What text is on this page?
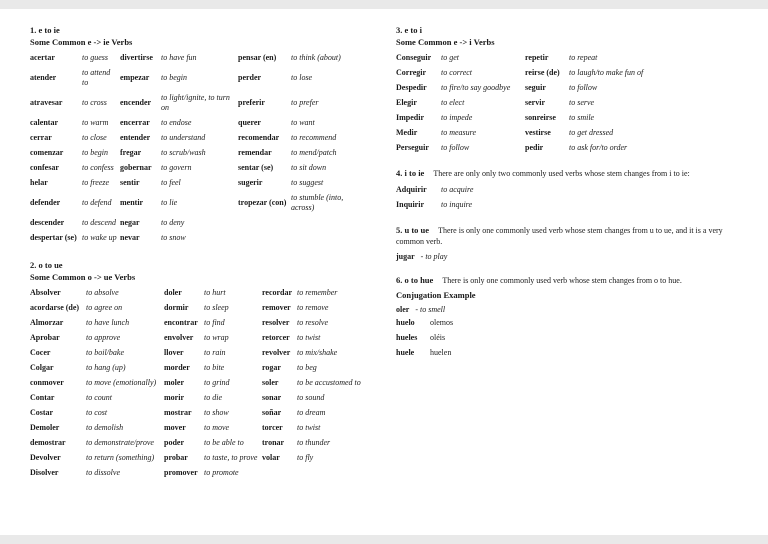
1. e to ie
Some Common e -> ie Verbs
acertar	to guess	divertirse	to have fun	pensar (en)	to think (about)
atender	to attend to	empezar	to begin	perder	to lose
atravesar	to cross	encender	to light/ignite, to turn on	preferir	to prefer
calentar	to warm	encerrar	to endose	querer	to want
cerrar	to close	entender	to understand	recomendar	to recommend
comenzar	to begin	fregar	to scrub/wash	remendar	to mend/patch
confesar	to confess	gobernar	to govern	sentar (se)	to sit down
helar	to freeze	sentir	to feel	sugerir	to suggest
defender	to defend	mentir	to lie	tropezar (con)	to stumble (into, across)
descender	to descend	negar	to deny		
despertar (se)	to wake up	nevar	to snow		
2. o to ue
Some Common o -> ue Verbs
Absolver	to absolve	doler	to hurt	recordar	to remember
acordarse (de)	to agree on	dormir	to sleep	remover	to remove
Almorzar	to have lunch	encontrar	to find	resolver	to resolve
Aprobar	to approve	envolver	to wrap	retorcer	to twist
Cocer	to boil/bake	llover	to rain	revolver	to mix/shake
Colgar	to hang (up)	morder	to bite	rogar	to beg
conmover	to move (emotionally)	moler	to grind	soler	to be accustomed to
Contar	to count	morir	to die	sonar	to sound
Costar	to cost	mostrar	to show	soñar	to dream
Demoler	to demolish	mover	to move	torcer	to twist
demostrar	to demonstrate/prove	poder	to be able to	tronar	to thunder
Devolver	to return (something)	probar	to taste, to prove	volar	to fly
Disolver	to dissolve	promover	to promote		
3. e to i
Some Common e -> i Verbs
Conseguir	to get	repetir	to repeat
Corregir	to correct	reirse (de)	to laugh/to make fun of
Despedir	to fire/to say goodbye	seguir	to follow
Elegir	to elect	servir	to serve
Impedir	to impede	sonreirse	to smile
Medir	to measure	vestirse	to get dressed
Perseguir	to follow	pedir	to ask for/to order

4. i to ie There are only only two commonly used verbs whose stem changes from i to ie:

Adquirir	to acquire
Inquirir	to inquire

5. u to ue There is only one commonly used verb whose stem changes from u to ue, and it is a very common verb.

jugar - to play

6. o to hue There is only one commonly used verb whose stem changes from o to hue.

Conjugation Example
oler - to smell
huelo	olemos
hueles	oléis
huele	huelen
